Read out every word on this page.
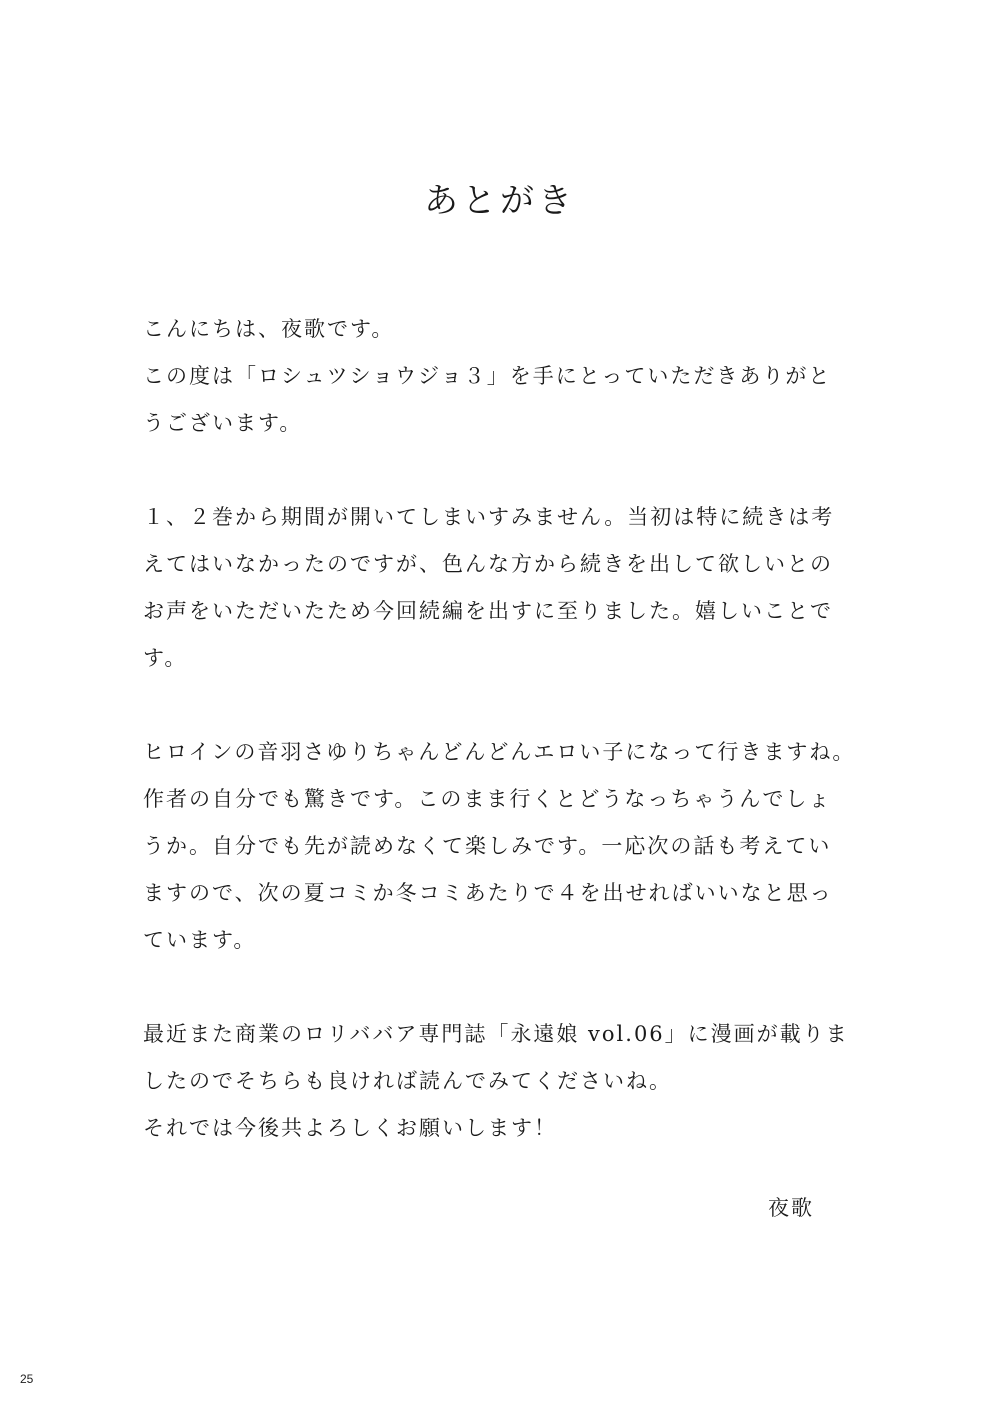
あとがき
こんにちは、夜歌です。
この度は「ロシュツショウジョ３」を手にとっていただきありがと
うございます。
１、２巻から期間が開いてしまいすみません。当初は特に続きは考
えてはいなかったのですが、色んな方から続きを出して欲しいとの
お声をいただいたため今回続編を出すに至りました。嬉しいことで
す。
ヒロインの音羽さゆりちゃんどんどんエロい子になって行きますね。
作者の自分でも驚きです。このまま行くとどうなっちゃうんでしょ
うか。自分でも先が読めなくて楽しみです。一応次の話も考えてい
ますので、次の夏コミか冬コミあたりで４を出せればいいなと思っ
ています。
最近また商業のロリババア専門誌「永遠娘 vol.06」に漫画が載りま
したのでそちらも良ければ読んでみてくださいね。
それでは今後共よろしくお願いします！
夜歌
25
